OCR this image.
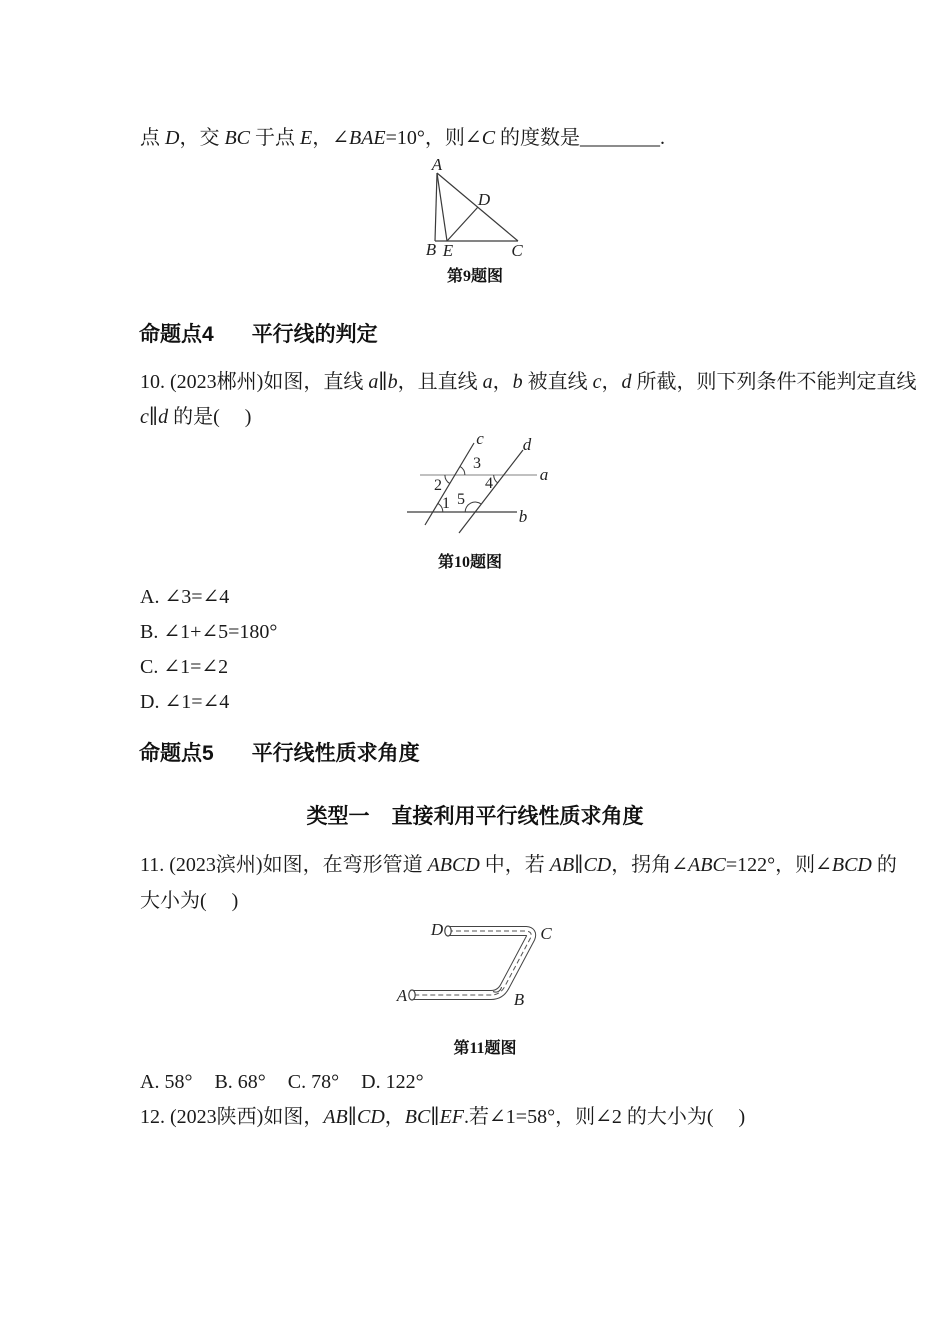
点 D，交 BC 于点 E，∠BAE=10°，则∠C 的度数是________.
A
B E	C
D
第9题图
命题点4 平行线的判定
10. (2023郴州)如图，直线 a∥b，且直线 a，b 被直线 c，d 所截，则下列条件不能判定直线
c∥d 的是(     )
a
b
c d
1
2
3
4
5
第10题图
A. ∠3=∠4
B. ∠1+∠5=180°
C. ∠1=∠2
D. ∠1=∠4
命题点5 平行线性质求角度
类型一 直接利用平行线性质求角度
11. (2023滨州)如图，在弯形管道 ABCD 中，若 AB∥CD，拐角∠ABC=122°，则∠BCD 的
大小为(     )
D	C
A	B
第11题图
A. 58° B. 68° C. 78° D. 122°
12. (2023陕西)如图，AB∥CD，BC∥EF.若∠1=58°，则∠2 的大小为(     )
